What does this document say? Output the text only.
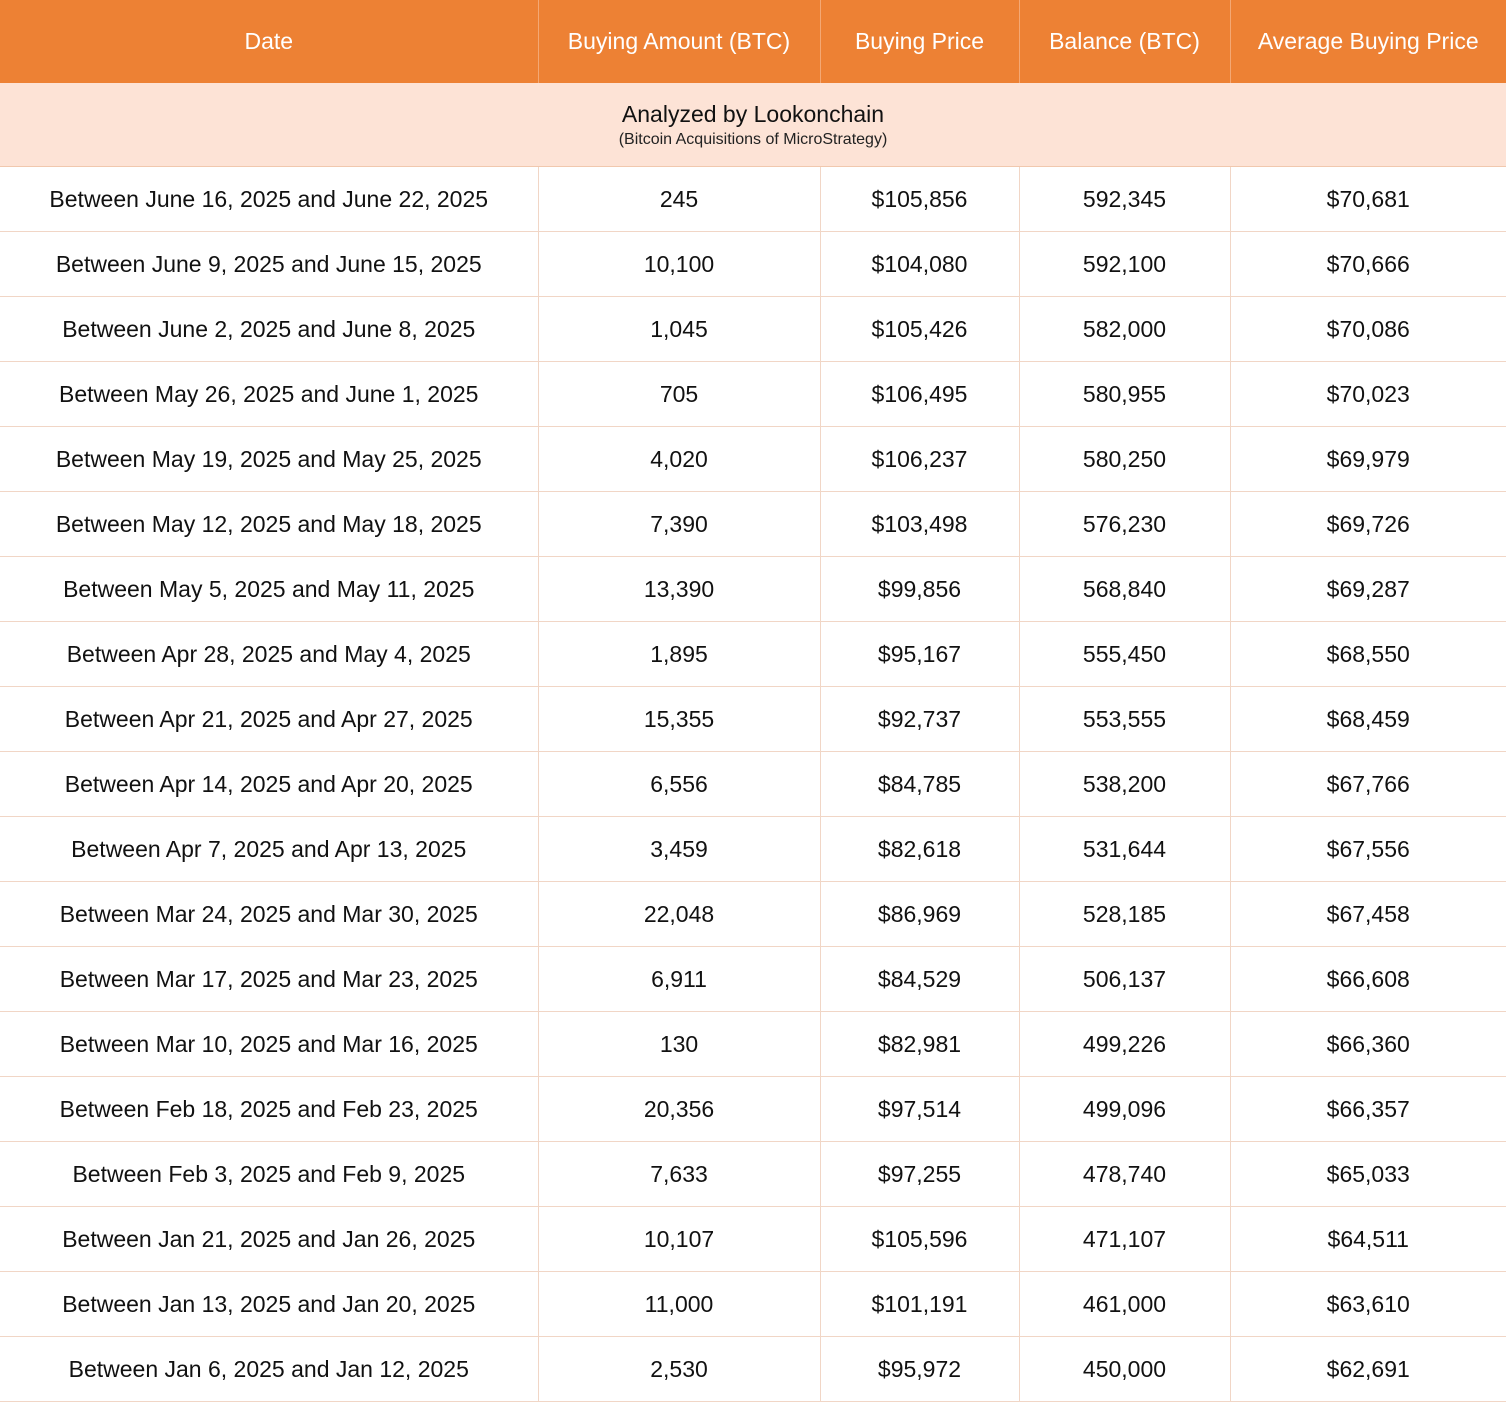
Date	Buying Amount (BTC)	Buying Price	Balance (BTC)	Average Buying Price

Analyzed by Lookonchain
(Bitcoin Acquisitions of MicroStrategy)				

Between June 16, 2025 and June 22, 2025	245	$105,856	592,345	$70,681
Between June 9, 2025 and June 15, 2025	10,100	$104,080	592,100	$70,666
Between June 2, 2025 and June 8, 2025	1,045	$105,426	582,000	$70,086
Between May 26, 2025 and June 1, 2025	705	$106,495	580,955	$70,023
Between May 19, 2025 and May 25, 2025	4,020	$106,237	580,250	$69,979
Between May 12, 2025 and May 18, 2025	7,390	$103,498	576,230	$69,726
Between May 5, 2025 and May 11, 2025	13,390	$99,856	568,840	$69,287
Between Apr 28, 2025 and May 4, 2025	1,895	$95,167	555,450	$68,550
Between Apr 21, 2025 and Apr 27, 2025	15,355	$92,737	553,555	$68,459
Between Apr 14, 2025 and Apr 20, 2025	6,556	$84,785	538,200	$67,766
Between Apr 7, 2025 and Apr 13, 2025	3,459	$82,618	531,644	$67,556
Between Mar 24, 2025 and Mar 30, 2025	22,048	$86,969	528,185	$67,458
Between Mar 17, 2025 and Mar 23, 2025	6,911	$84,529	506,137	$66,608
Between Mar 10, 2025 and Mar 16, 2025	130	$82,981	499,226	$66,360
Between Feb 18, 2025 and Feb 23, 2025	20,356	$97,514	499,096	$66,357
Between Feb 3, 2025 and Feb 9, 2025	7,633	$97,255	478,740	$65,033
Between Jan 21, 2025 and Jan 26, 2025	10,107	$105,596	471,107	$64,511
Between Jan 13, 2025 and Jan 20, 2025	11,000	$101,191	461,000	$63,610
Between Jan 6, 2025 and Jan 12, 2025	2,530	$95,972	450,000	$62,691
